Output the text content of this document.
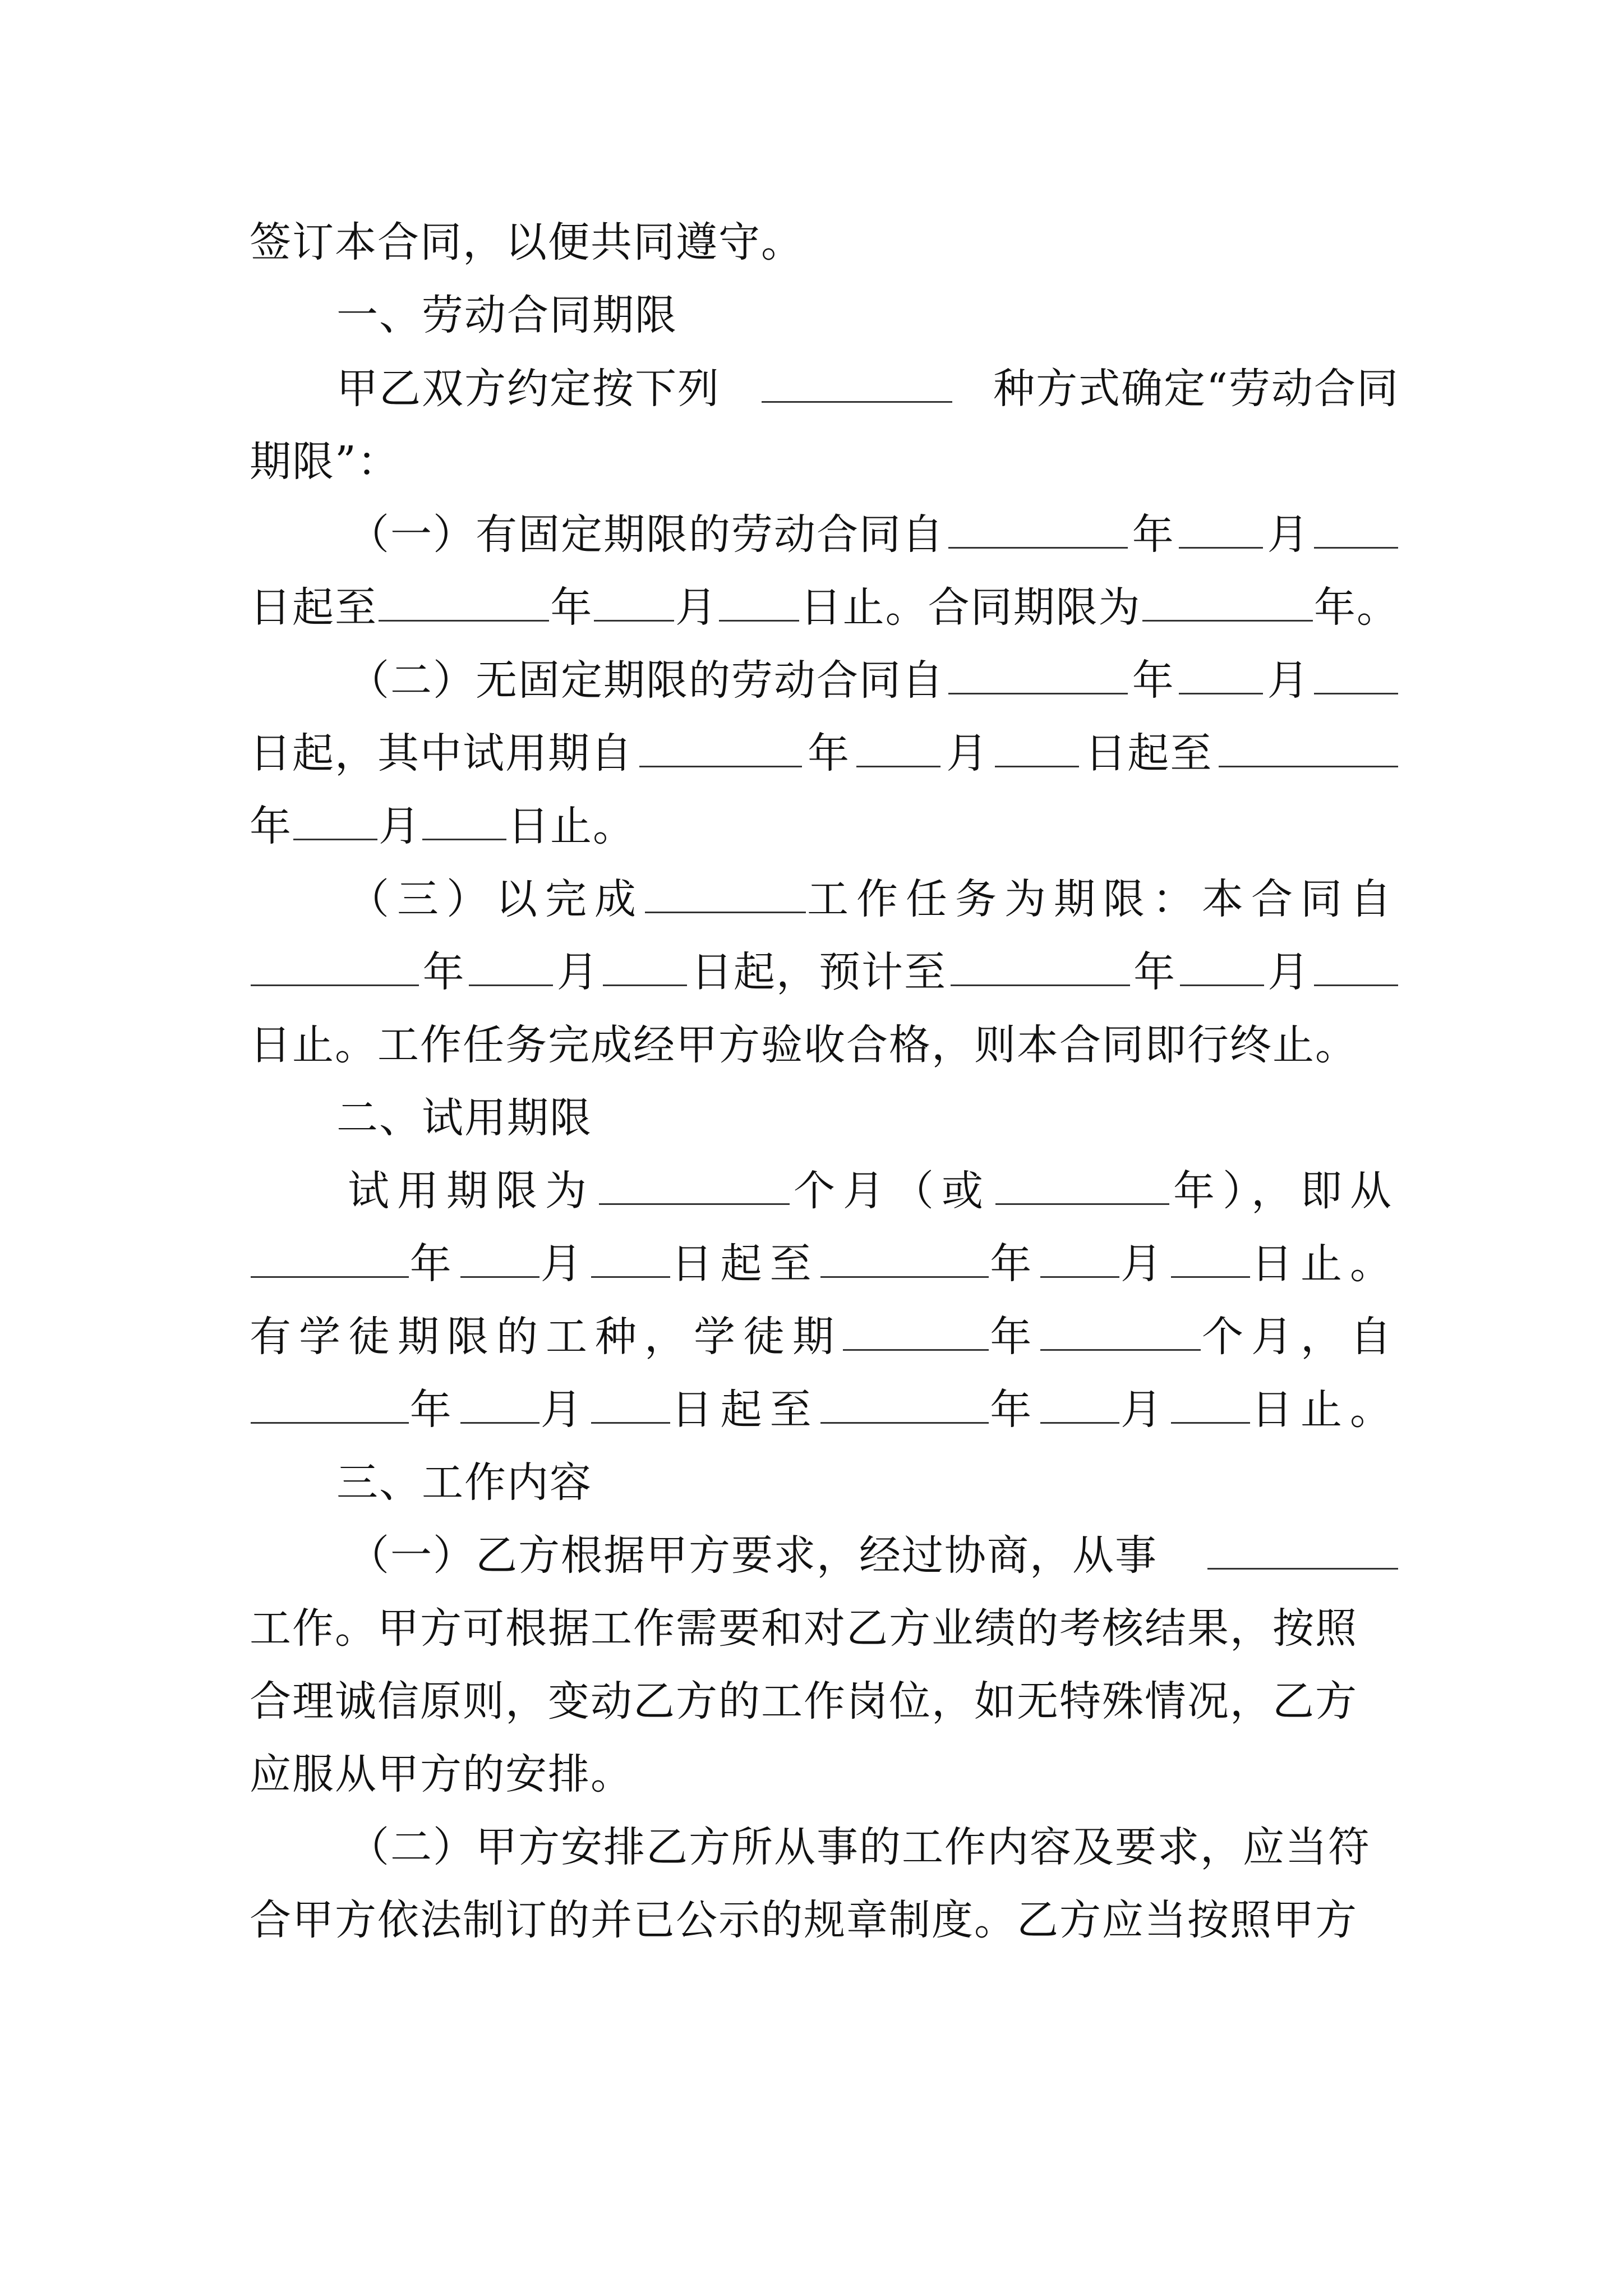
签订本合同，以便共同遵守。
一、劳动合同期限
甲乙双方约定按下列	种方式确定“劳动合同
期限”：
（一）有固定期限的劳动合同自	年 月
日起至	年 月 日止。合同期限为	年。
（二）无固定期限的劳动合同自	年 月
日起，其中试用期自	年 月 日起至
年 月 日止。
（三）以完成	工作任务为期限：本合同自
年 月 日起，预计至	年 月
日止。工作任务完成经甲方验收合格，则本合同即行终止。
二、试用期限
试用期限为	个月（或	年），即从
年 月 日起至	年 月 日止。
有学徒期限的工种，学徒期	年	个月，自
年 月 日起至	年 月 日止。
三、工作内容
（一）乙方根据甲方要求，经过协商，从事
工作。甲方可根据工作需要和对乙方业绩的考核结果，按照
合理诚信原则，变动乙方的工作岗位，如无特殊情况，乙方
应服从甲方的安排。
（二）甲方安排乙方所从事的工作内容及要求，应当符
合甲方依法制订的并已公示的规章制度。乙方应当按照甲方
